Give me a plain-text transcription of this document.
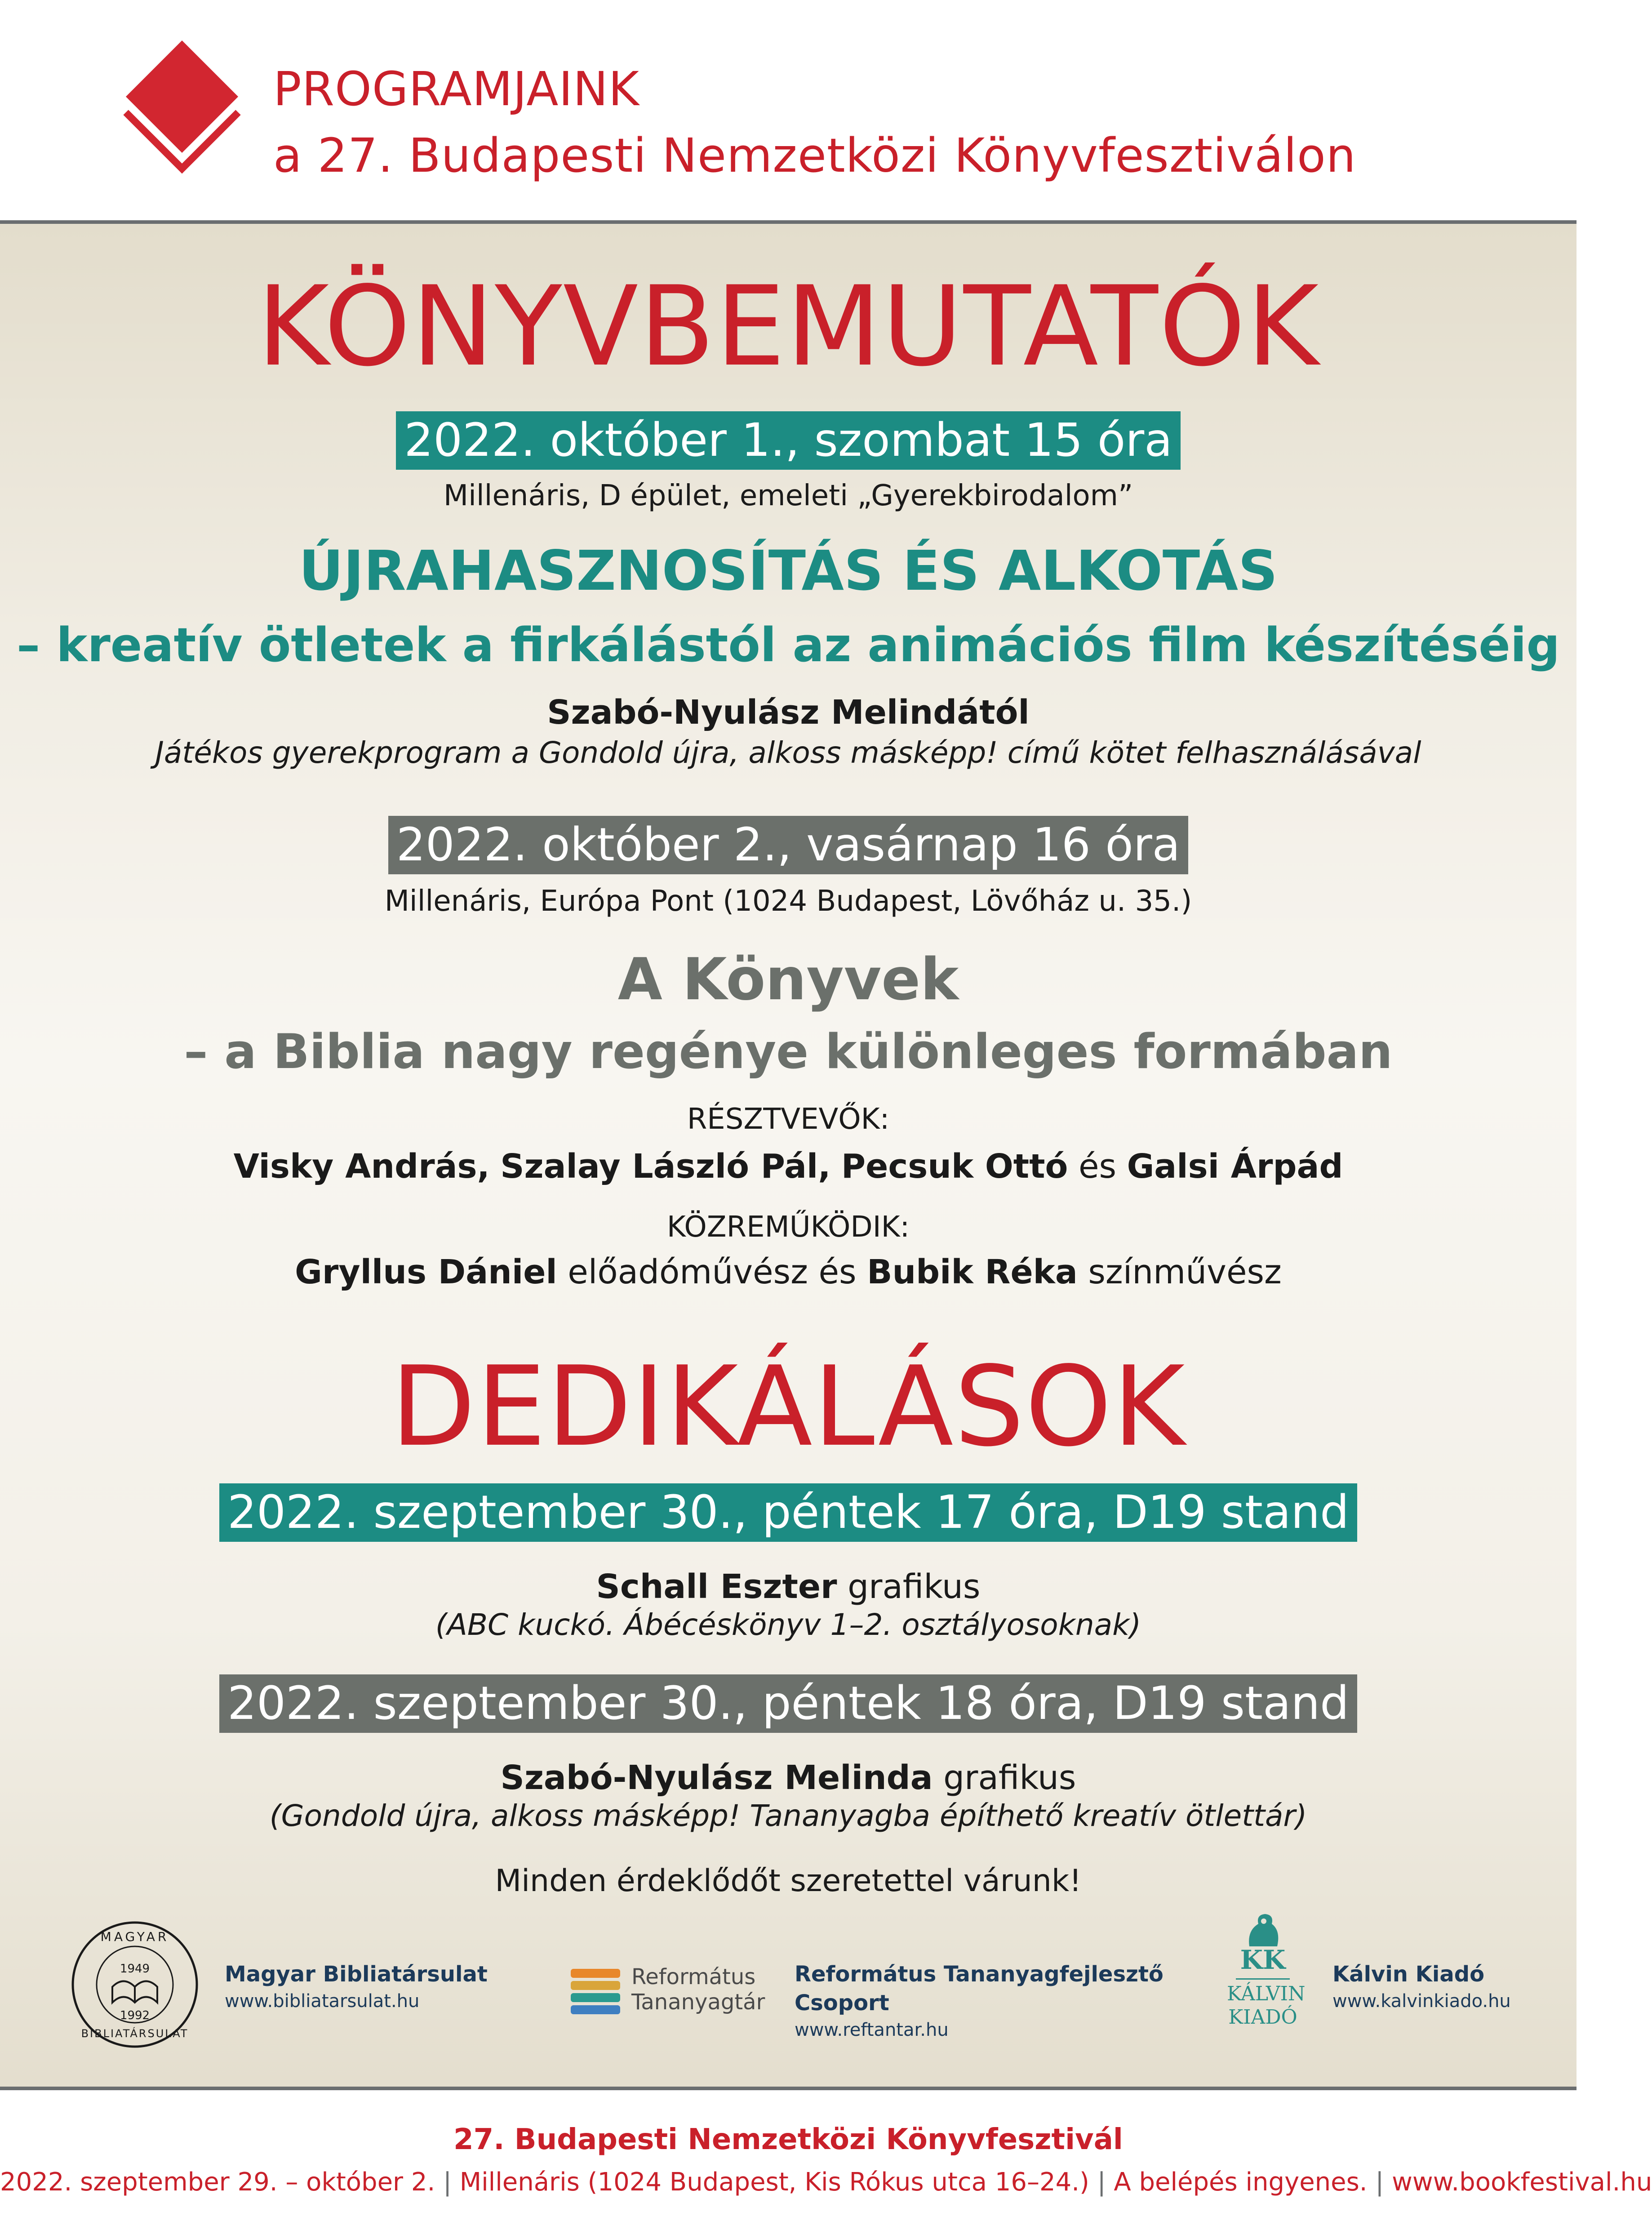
PROGRAMJAINK
a 27. Budapesti Nemzetközi Könyvfesztiválon
KÖNYVBEMUTATÓK
2022. október 1., szombat 15 óra
Millenáris, D épület, emeleti „Gyerekbirodalom”
ÚJRAHASZNOSÍTÁS ÉS ALKOTÁS
– kreatív ötletek a firkálástól az animációs film készítéséig
Szabó-Nyulász Melindától
Játékos gyerekprogram a Gondold újra, alkoss másképp! című kötet felhasználásával
2022. október 2., vasárnap 16 óra
Millenáris, Európa Pont (1024 Budapest, Lövőház u. 35.)
A Könyvek
– a Biblia nagy regénye különleges formában
RÉSZTVEVŐK:
Visky András, Szalay László Pál, Pecsuk Ottó és Galsi Árpád
KÖZREMŰKÖDIK:
Gryllus Dániel előadóművész és Bubik Réka színművész
DEDIKÁLÁSOK
2022. szeptember 30., péntek 17 óra, D19 stand
Schall Eszter grafikus
(ABC kuckó. Ábécéskönyv 1–2. osztályosoknak)
2022. szeptember 30., péntek 18 óra, D19 stand
Szabó-Nyulász Melinda grafikus
(Gondold újra, alkoss másképp! Tananyagba építhető kreatív ötlettár)
Minden érdeklődőt szeretettel várunk!
1949
1992
MAGYAR
BIBLIATÁRSULAT
Magyar Bibliatársulat
www.bibliatarsulat.hu
Református
Tananyagtár
Református Tananyagfejlesztő
Csoport
www.reftantar.hu
KK
KÁLVIN
KIADÓ
Kálvin Kiadó
www.kalvinkiado.hu
27. Budapesti Nemzetközi Könyvfesztivál
2022. szeptember 29. – október 2. | Millenáris (1024 Budapest, Kis Rókus utca 16–24.) | A belépés ingyenes. | www.bookfestival.hu
